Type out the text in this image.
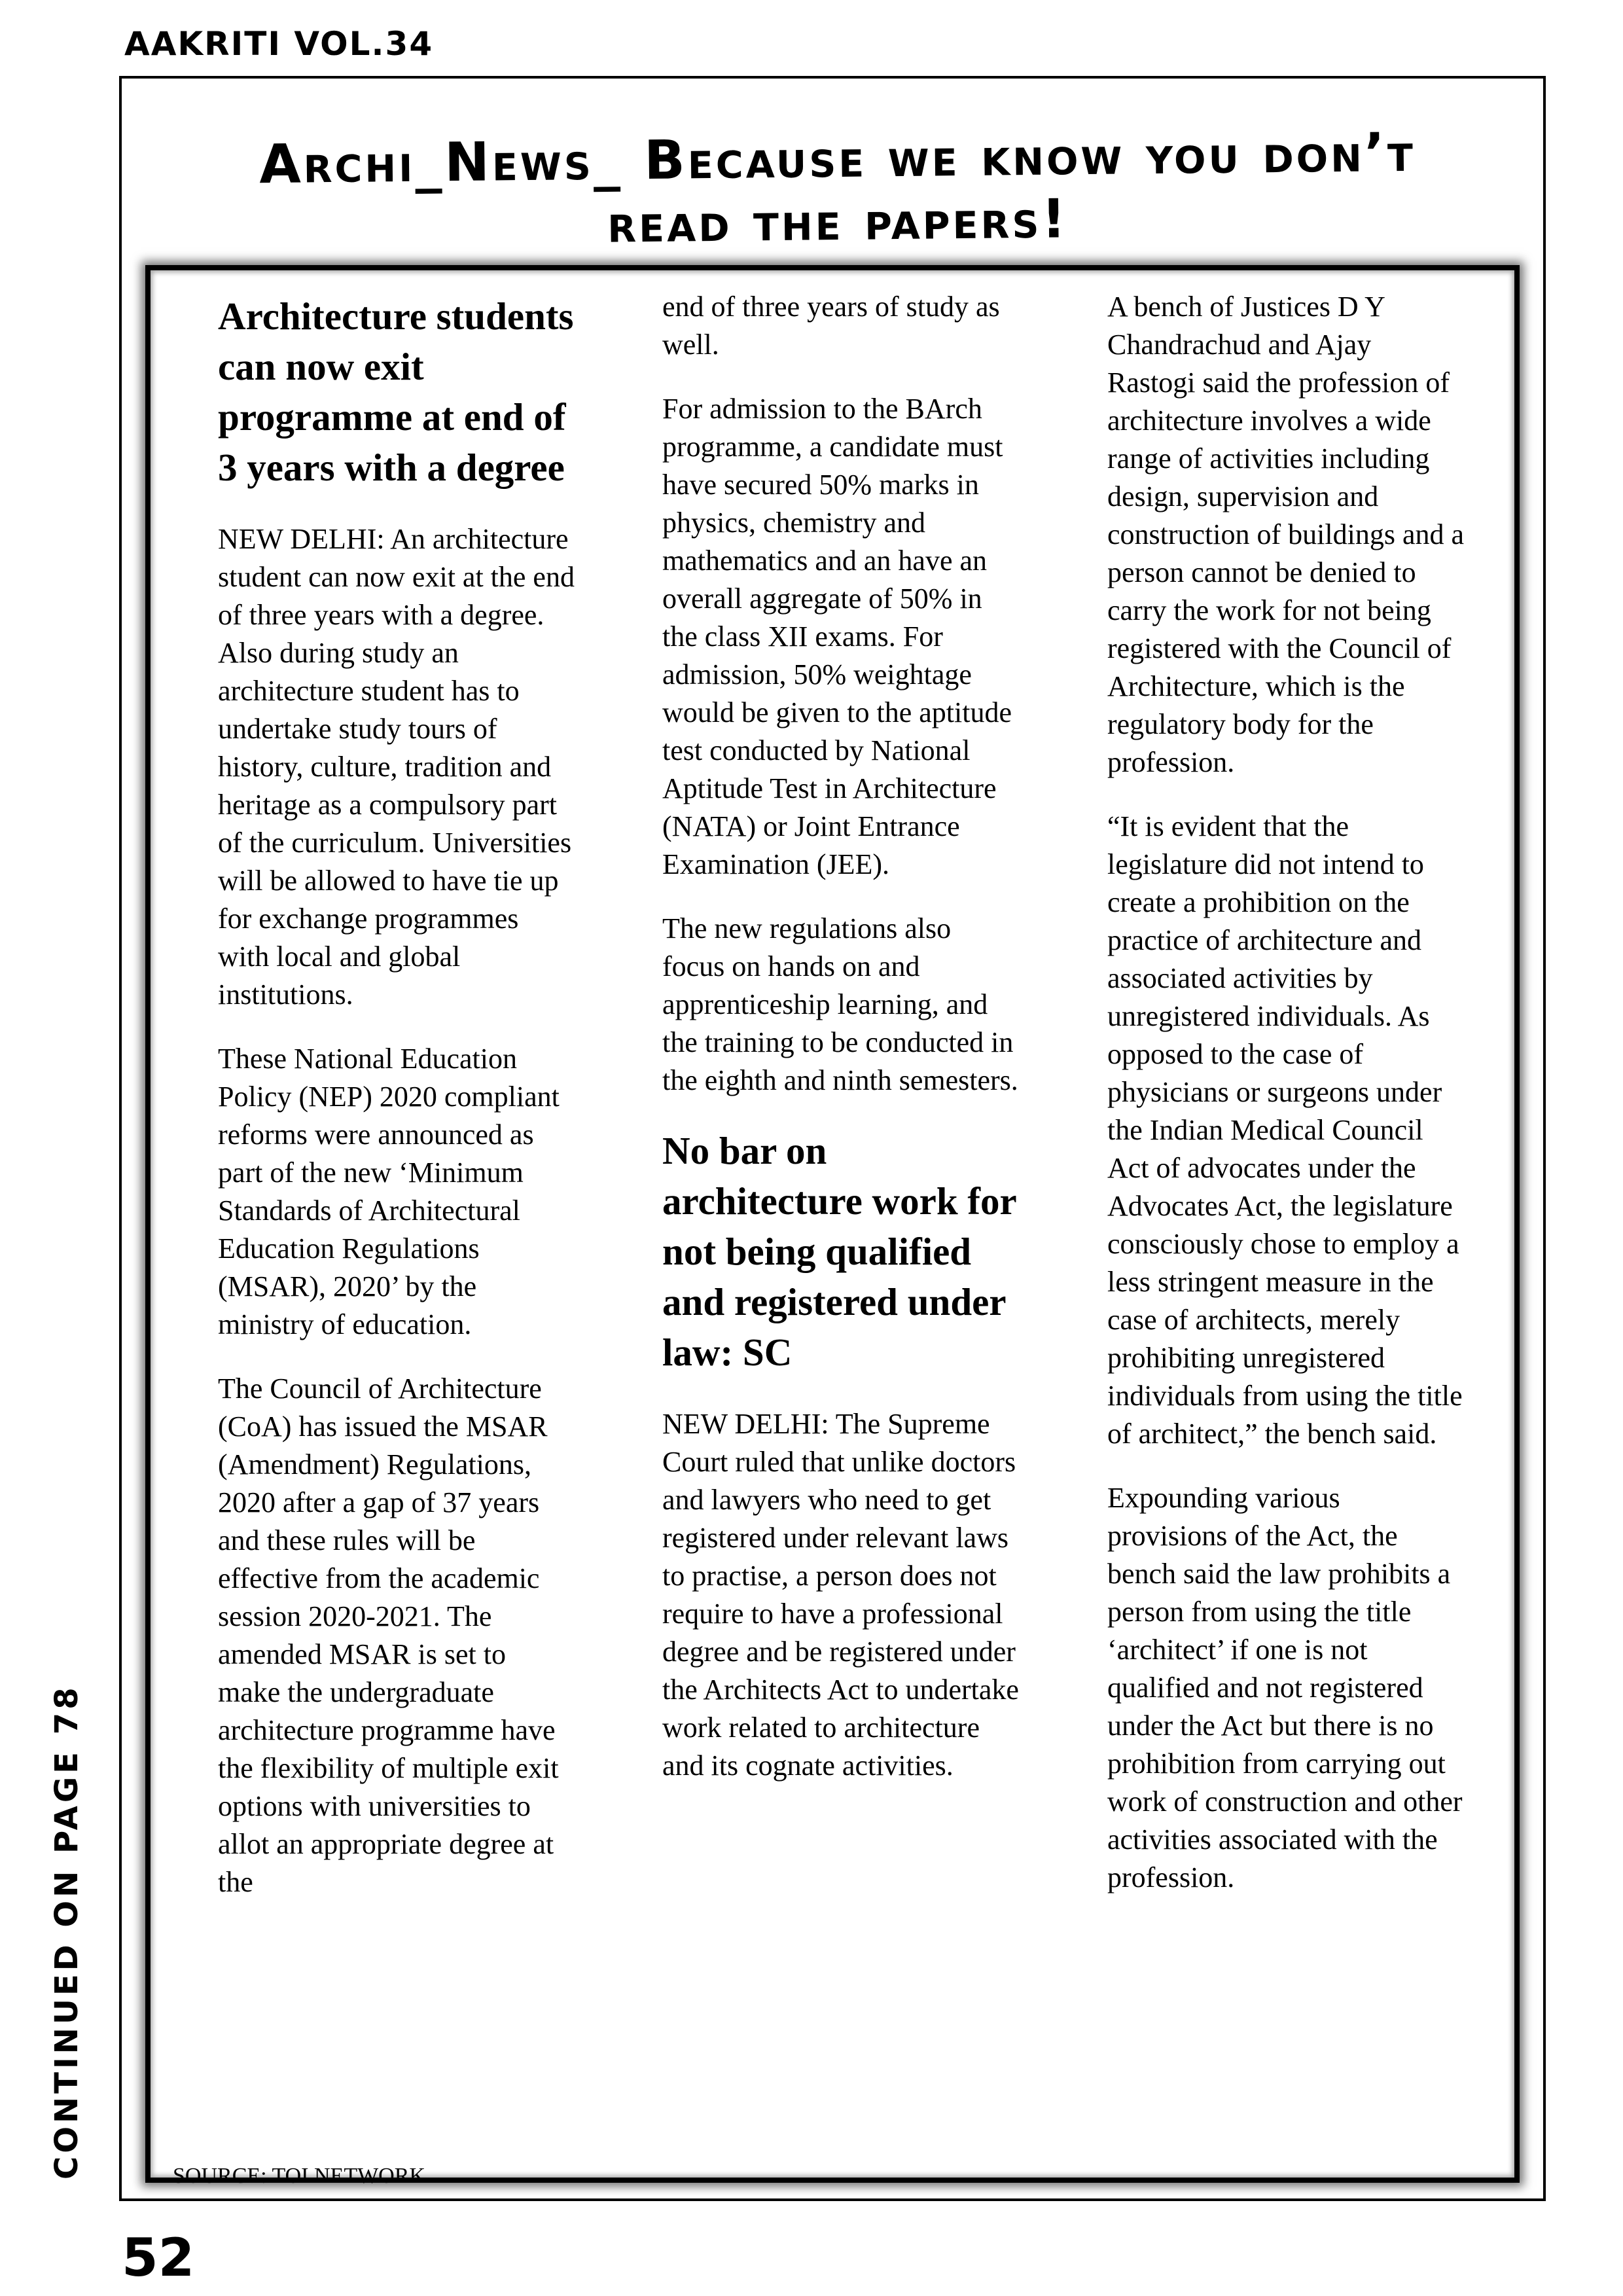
AAKRITI VOL.34
Archi_News_ Because we know you don’t
read the papers!
Architecture students can now exit programme at end of 3 years with a degree

NEW DELHI: An architecture student can now exit at the end of three years with a degree. Also during study an architecture student has to undertake study tours of history, culture, tradition and heritage as a compulsory part of the curriculum. Universities will be allowed to have tie up for exchange programmes with local and global institutions.

These National Education Policy (NEP) 2020 compliant reforms were announced as part of the new ‘Minimum Standards of Architectural Education Regulations (MSAR), 2020’ by the ministry of education.

The Council of Architecture (CoA) has issued the MSAR (Amendment) Regulations, 2020 after a gap of 37 years and these rules will be effective from the academic session 2020-2021. The amended MSAR is set to make the undergraduate architecture programme have the flexibility of multiple exit options with universities to allot an appropriate degree at the

end of three years of study as well.

For admission to the BArch programme, a candidate must have secured 50% marks in physics, chemistry and mathematics and an have an overall aggregate of 50% in the class XII exams. For admission, 50% weightage would be given to the aptitude test conducted by National Aptitude Test in Architecture (NATA) or Joint Entrance Examination (JEE).

The new regulations also focus on hands on and apprenticeship learning, and the training to be conducted in the eighth and ninth semesters.

No bar on architecture work for not being qualified and registered under law: SC

NEW DELHI: The Supreme Court ruled that unlike doctors and lawyers who need to get registered under relevant laws to practise, a person does not require to have a professional degree and be registered under the Architects Act to undertake work related to architecture and its cognate activities.

A bench of Justices D Y Chandrachud and Ajay Rastogi said the profession of architecture involves a wide range of activities including design, supervision and construction of buildings and a person cannot be denied to carry the work for not being registered with the Council of Architecture, which is the regulatory body for the profession.

“It is evident that the legislature did not intend to create a prohibition on the practice of architecture and associated activities by unregistered individuals. As opposed to the case of physicians or surgeons under the Indian Medical Council Act of advocates under the Advocates Act, the legislature consciously chose to employ a less stringent measure in the case of architects, merely prohibiting unregistered individuals from using the title of architect,” the bench said.

Expounding various provisions of the Act, the bench said the law prohibits a person from using the title ‘architect’ if one is not qualified and not registered under the Act but there is no prohibition from carrying out work of construction and other activities associated with the profession.

SOURCE: TOI NETWORK
CONTINUED ON PAGE 78
52
